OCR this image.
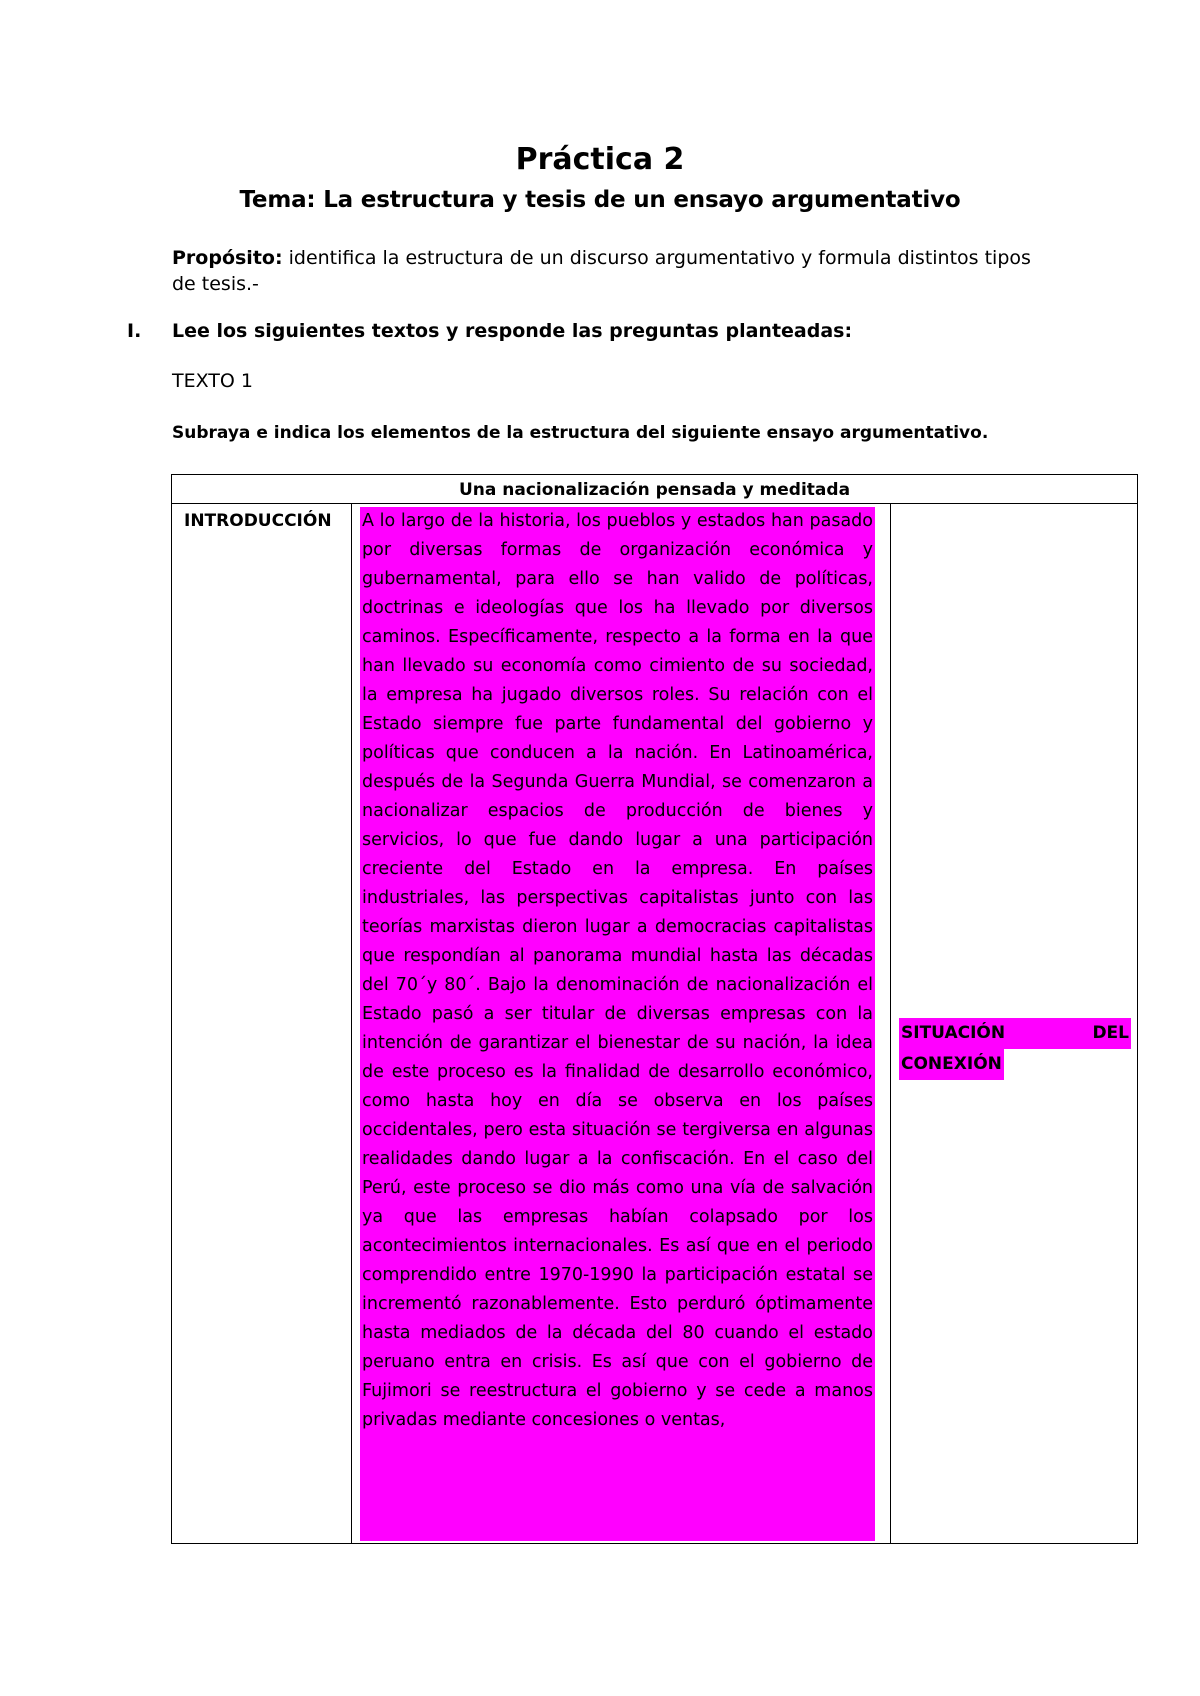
Práctica 2
Tema: La estructura y tesis de un ensayo argumentativo
Propósito: identifica la estructura de un discurso argumentativo y formula distintos tipos de tesis.-
I. Lee los siguientes textos y responde las preguntas planteadas:
TEXTO 1
Subraya e indica los elementos de la estructura del siguiente ensayo argumentativo.
Una nacionalización pensada y meditada
INTRODUCCIÓN A lo largo de la historia, los pueblos y estados han pasado por diversas formas de organización económica y gubernamental, para ello se han valido de políticas, doctrinas e ideologías que los ha llevado por diversos caminos. Específicamente, respecto a la forma en la que han llevado su economía como cimiento de su sociedad, la empresa ha jugado diversos roles. Su relación con el Estado siempre fue parte fundamental del gobierno y políticas que conducen a la nación. En Latinoamérica, después de la Segunda Guerra Mundial, se comenzaron a nacionalizar espacios de producción de bienes y servicios, lo que fue dando lugar a una participación creciente del Estado en la empresa. En países industriales, las perspectivas capitalistas junto con las teorías marxistas dieron lugar a democracias capitalistas que respondían al panorama mundial hasta las décadas del 70´y 80´. Bajo la denominación de nacionalización el Estado pasó a ser titular de diversas empresas con la intención de garantizar el bienestar de su nación, la idea de este proceso es la finalidad de desarrollo económico, como hasta hoy en día se observa en los países occidentales, pero esta situación se tergiversa en algunas realidades dando lugar a la confiscación. En el caso del Perú, este proceso se dio más como una vía de salvación ya que las empresas habían colapsado por los acontecimientos internacionales. Es así que en el periodo comprendido entre 1970-1990 la participación estatal se incrementó razonablemente. Esto perduró óptimamente hasta mediados de la década del 80 cuando el estado peruano entra en crisis. Es así que con el gobierno de Fujimori se reestructura el gobierno y se cede a manos privadas mediante concesiones o ventas,
SITUACIÓN	DEL
CONEXIÓN
